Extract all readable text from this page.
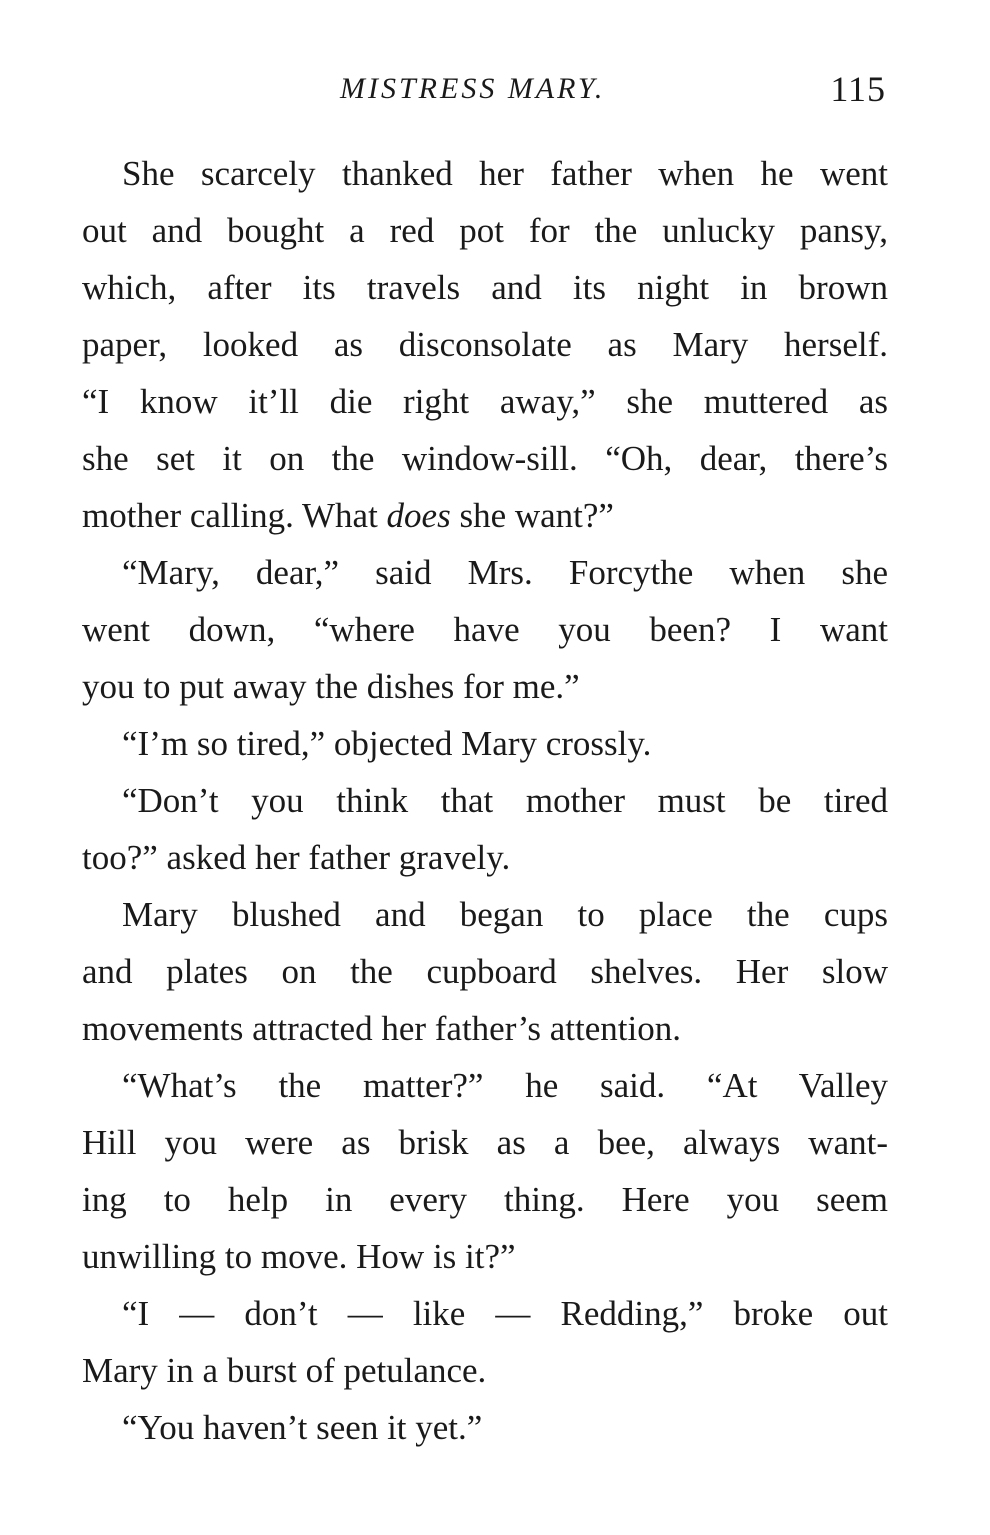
MISTRESS MARY.	115
She scarcely thanked her father when he went
out and bought a red pot for the unlucky pansy,
which, after its travels and its night in brown
paper, looked as disconsolate as Mary herself.
“I know it’ll die right away,” she muttered as
she set it on the window-sill. “Oh, dear, there’s
mother calling. What does she want?”
“Mary, dear,” said Mrs. Forcythe when she
went down, “where have you been? I want
you to put away the dishes for me.”
“I’m so tired,” objected Mary crossly.
“Don’t you think that mother must be tired
too?” asked her father gravely.
Mary blushed and began to place the cups
and plates on the cupboard shelves. Her slow
movements attracted her father’s attention.
“What’s the matter?” he said. “At Valley
Hill you were as brisk as a bee, always want-
ing to help in every thing. Here you seem
unwilling to move. How is it?”
“I — don’t — like — Redding,” broke out
Mary in a burst of petulance.
“You haven’t seen it yet.”
